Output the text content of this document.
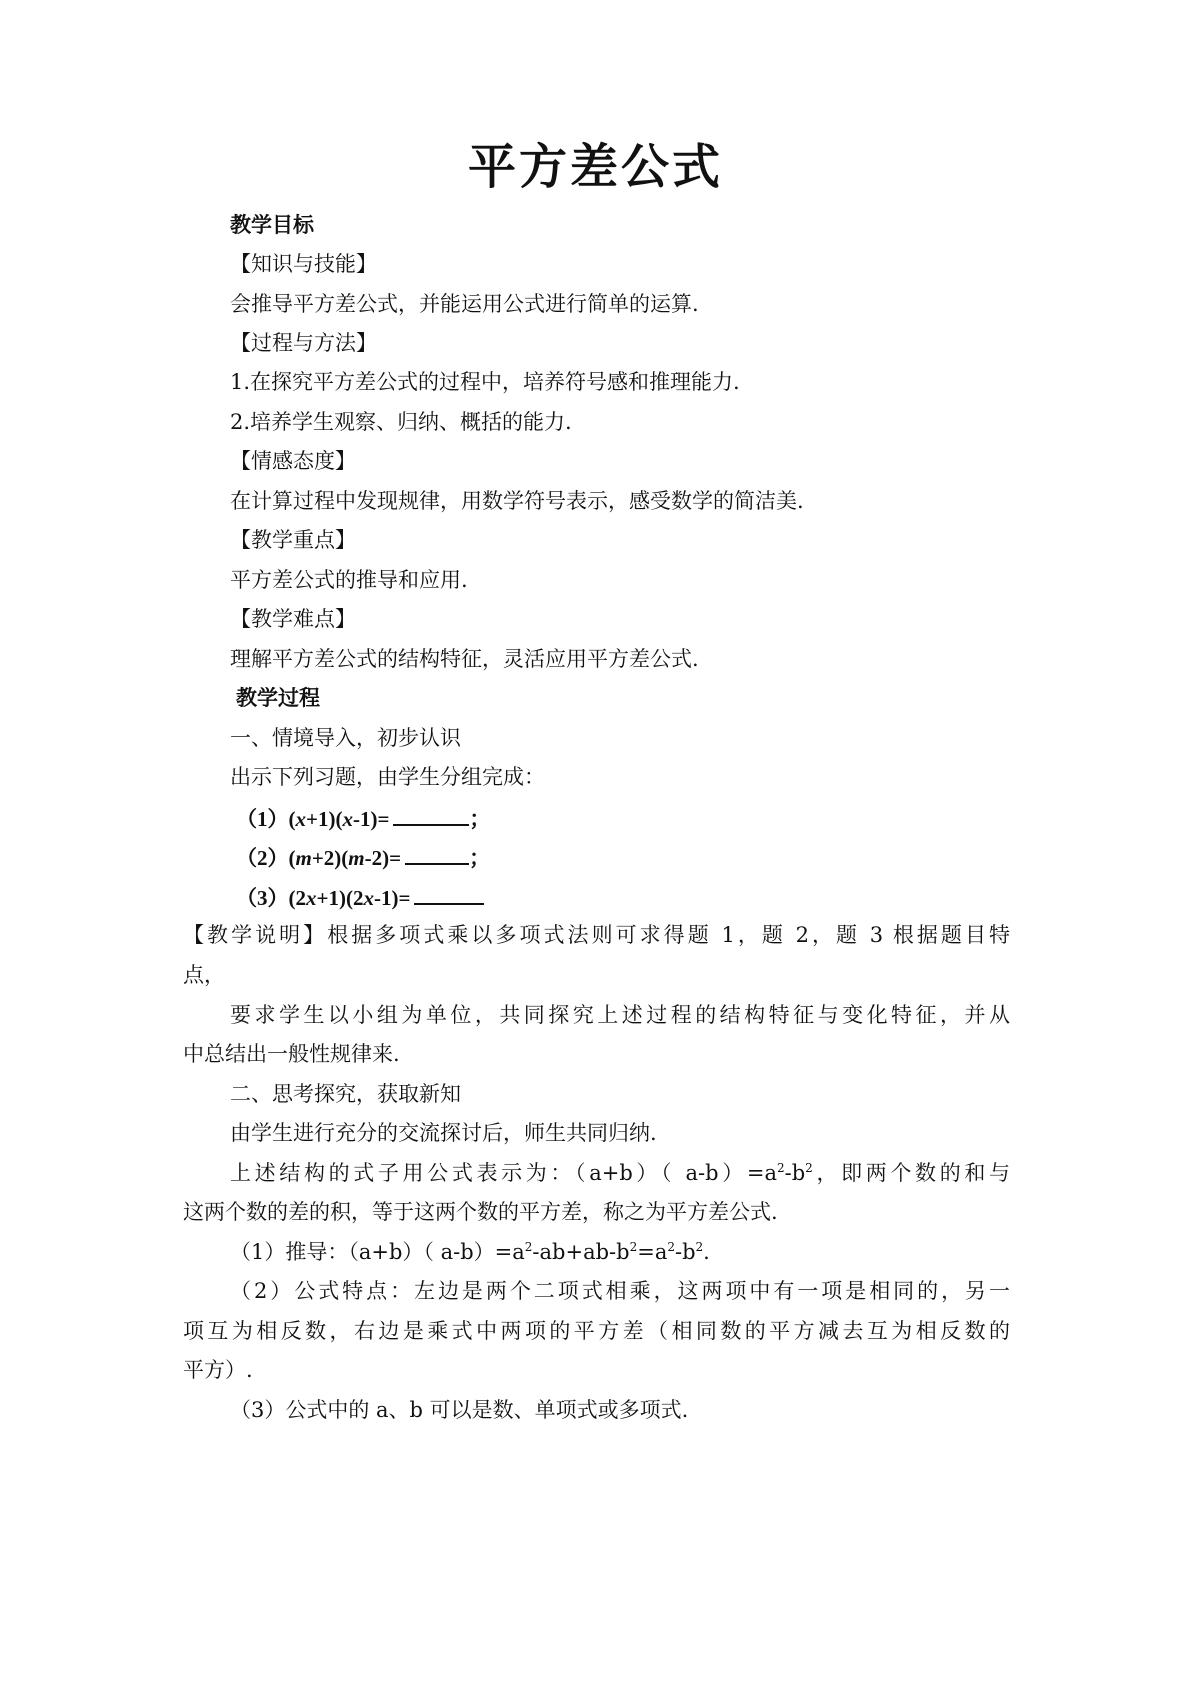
平方差公式
教学目标
【知识与技能】
会推导平方差公式，并能运用公式进行简单的运算.
【过程与方法】
1.在探究平方差公式的过程中，培养符号感和推理能力.
2.培养学生观察、归纳、概括的能力.
【情感态度】
在计算过程中发现规律，用数学符号表示，感受数学的简洁美.
【教学重点】
平方差公式的推导和应用.
【教学难点】
理解平方差公式的结构特征，灵活应用平方差公式.
教学过程
一、情境导入，初步认识
出示下列习题，由学生分组完成：
（1）(x+1)(x-1)=	；
（2）(m+2)(m-2)=	；
（3）(2x+1)(2x-1)=
【教学说明】根据多项式乘以多项式法则可求得题 1，题 2，题 3 根据题目特
点，
要求学生以小组为单位，共同探究上述过程的结构特征与变化特征，并从
中总结出一般性规律来.
二、思考探究，获取新知
由学生进行充分的交流探讨后，师生共同归纳.
上述结构的式子用公式表示为：（a+b）（ $a-b)=a^2-b^2$，即两个数的和与
这两个数的差的积，等于这两个数的平方差，称之为平方差公式.
（1）推导：（a+b）（ $a-b)=a^2-ab+ab-b^2=a^2-b^2$.
（2）公式特点：左边是两个二项式相乘，这两项中有一项是相同的，另一
项互为相反数，右边是乘式中两项的平方差（相同数的平方减去互为相反数的
平方）.
（3）公式中的 a、b 可以是数、单项式或多项式.
